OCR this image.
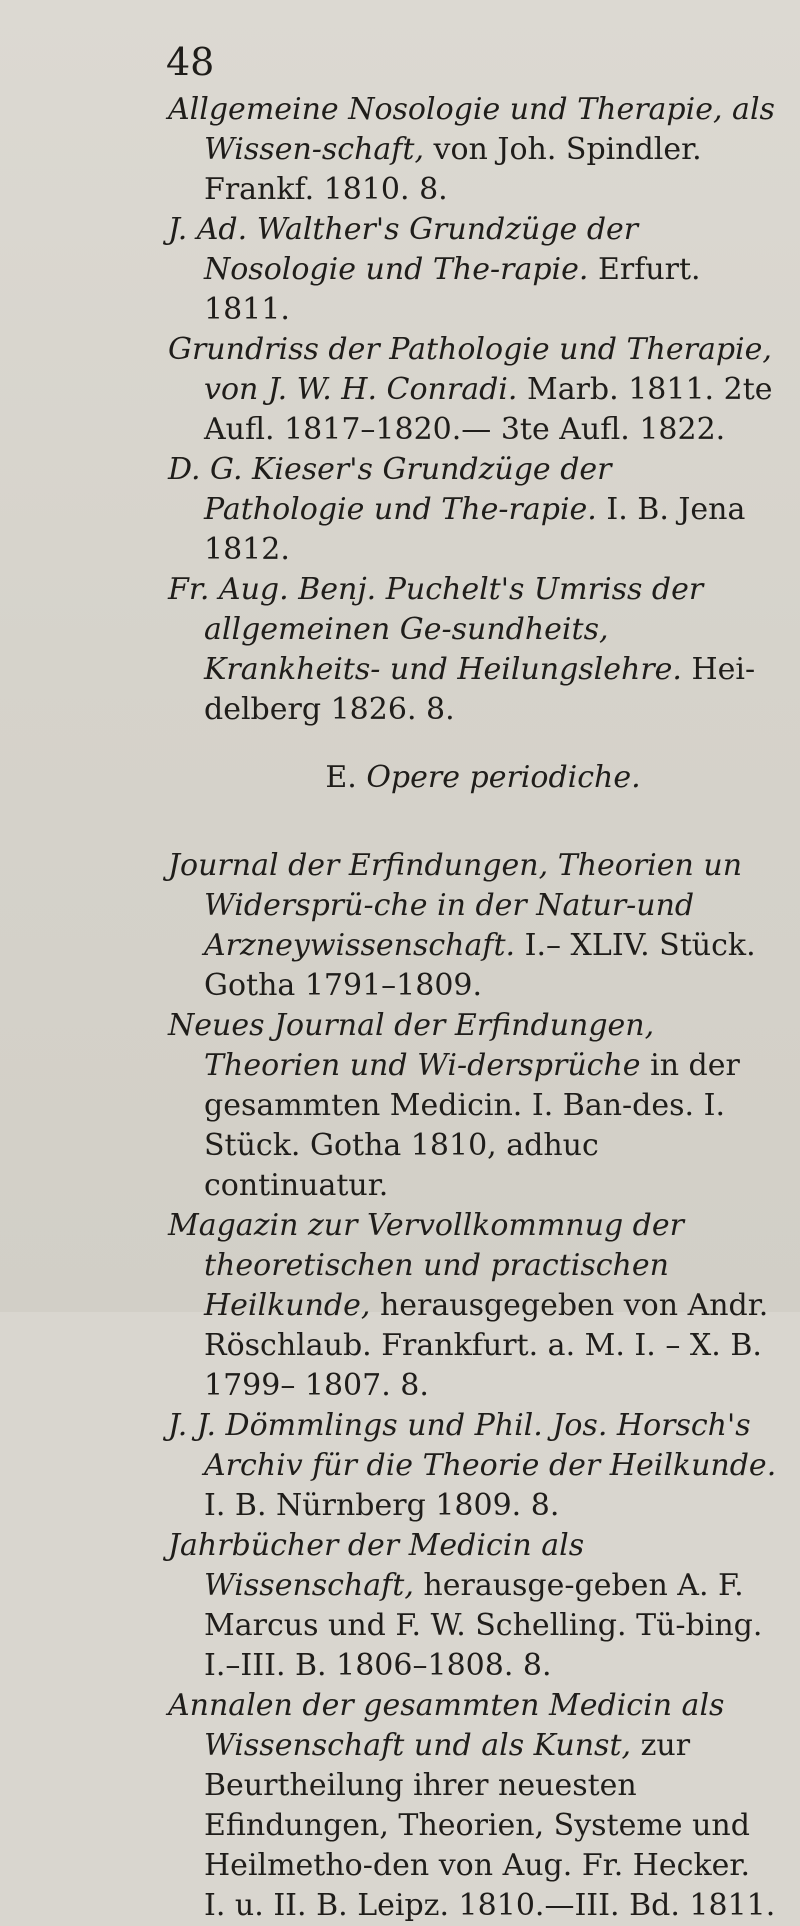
48

Allgemeine Nosologie und Therapie, als Wissen-schaft, von Joh. Spindler. Frankf. 1810. 8.

J. Ad. Walther's Grundzüge der Nosologie und The-rapie. Erfurt. 1811.

Grundriss der Pathologie und Therapie, von J. W. H. Conradi. Marb. 1811. 2te Aufl. 1817–1820.— 3te Aufl. 1822.

D. G. Kieser's Grundzüge der Pathologie und The-rapie. I. B. Jena 1812.

Fr. Aug. Benj. Puchelt's Umriss der allgemeinen Ge-sundheits, Krankheits- und Heilungslehre. Hei-delberg 1826. 8.

E. Opere periodiche.

Journal der Erfindungen, Theorien un Widersprü-che in der Natur-und Arzneywissenschaft. I.– XLIV. Stück. Gotha 1791–1809.

Neues Journal der Erfindungen, Theorien und Wi-dersprüche in der gesammten Medicin. I. Ban-des. I. Stück. Gotha 1810, adhuc continuatur.

Magazin zur Vervollkommnug der theoretischen und practischen Heilkunde, herausgegeben von Andr. Röschlaub. Frankfurt. a. M. I. – X. B. 1799– 1807. 8.

J. J. Dömmlings und Phil. Jos. Horsch's Archiv für die Theorie der Heilkunde. I. B. Nürnberg 1809. 8.

Jahrbücher der Medicin als Wissenschaft, herausge-geben A. F. Marcus und F. W. Schelling. Tü-bing. I.–III. B. 1806–1808. 8.

Annalen der gesammten Medicin als Wissenschaft und als Kunst, zur Beurtheilung ihrer neuesten Efindungen, Theorien, Systeme und Heilmetho-den von Aug. Fr. Hecker. I. u. II. B. Leipz. 1810.—III. Bd. 1811.
